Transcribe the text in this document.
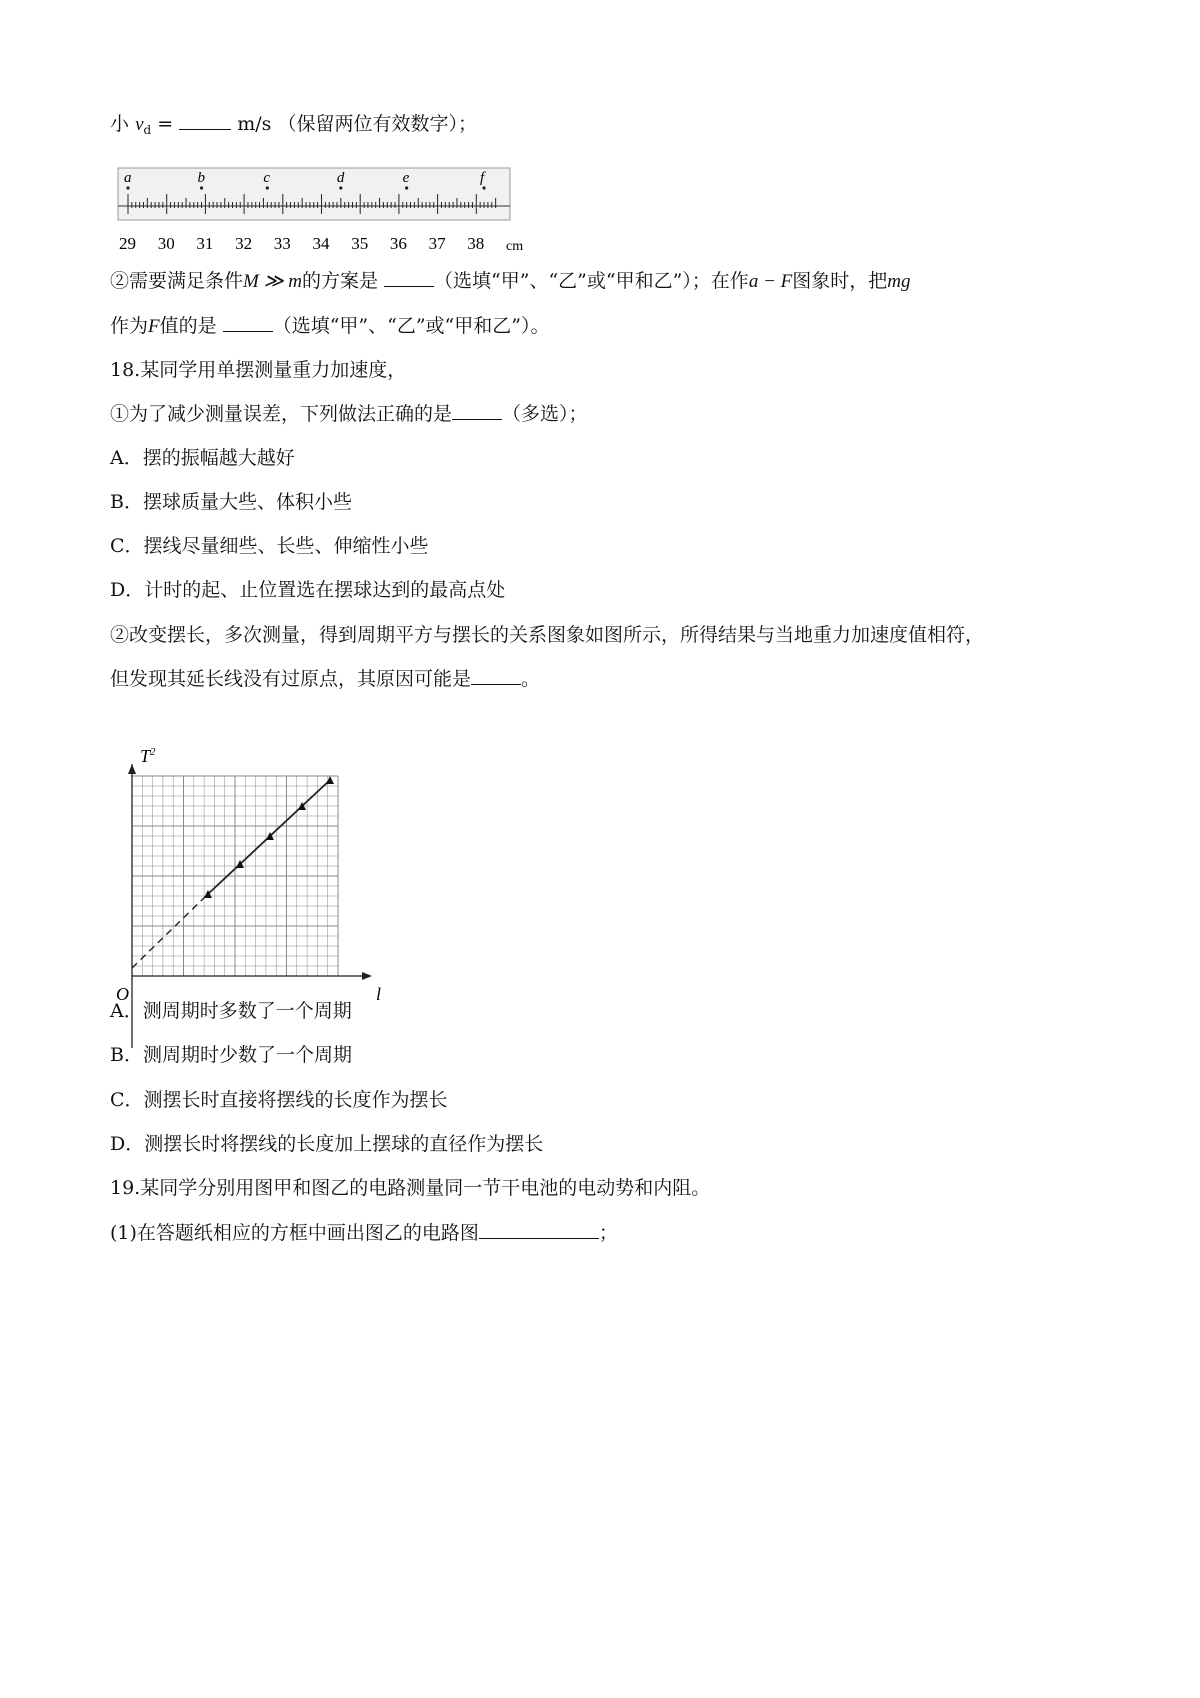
小 $v_d$ =	m/s （保留两位有效数字）；
a	b	c	d	e	f
29 30 31 32 33 34 35 36 37 38 cm
②需要满足条件M ≫ m的方案是	（选填“甲”、“乙”或“甲和乙”）；在作a − F图象时，把mg
作为F值的是	（选填“甲”、“乙”或“甲和乙”）。
18.某同学用单摆测量重力加速度，
①为了减少测量误差，下列做法正确的是	（多选）；
A．摆的振幅越大越好
B．摆球质量大些、体积小些
C．摆线尽量细些、长些、伸缩性小些
D．计时的起、止位置选在摆球达到的最高点处
②改变摆长，多次测量，得到周期平方与摆长的关系图象如图所示，所得结果与当地重力加速度值相符，
但发现其延长线没有过原点，其原因可能是	。
$T^2$
O	l
A．测周期时多数了一个周期
B．测周期时少数了一个周期
C．测摆长时直接将摆线的长度作为摆长
D．测摆长时将摆线的长度加上摆球的直径作为摆长
19.某同学分别用图甲和图乙的电路测量同一节干电池的电动势和内阻。
(1)在答题纸相应的方框中画出图乙的电路图	；
